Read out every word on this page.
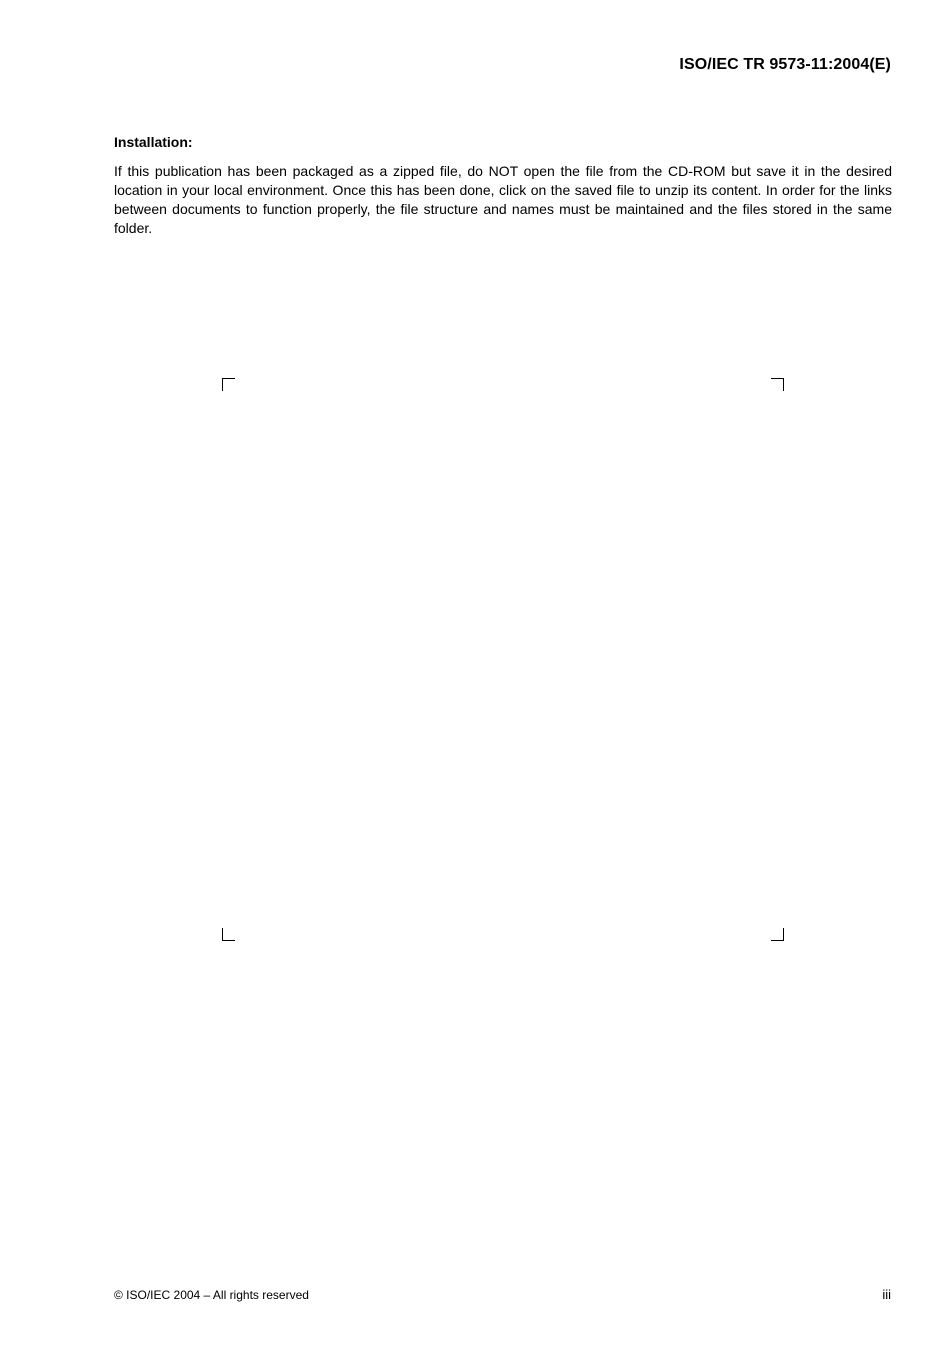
ISO/IEC TR 9573-11:2004(E)
Installation:

If this publication has been packaged as a zipped file, do NOT open the file from the CD-ROM but save it in the desired location in your local environment. Once this has been done, click on the saved file to unzip its content. In order for the links between documents to function properly, the file structure and names must be maintained and the files stored in the same folder.

© ISO/IEC 2004 – All rights reserved	iii
